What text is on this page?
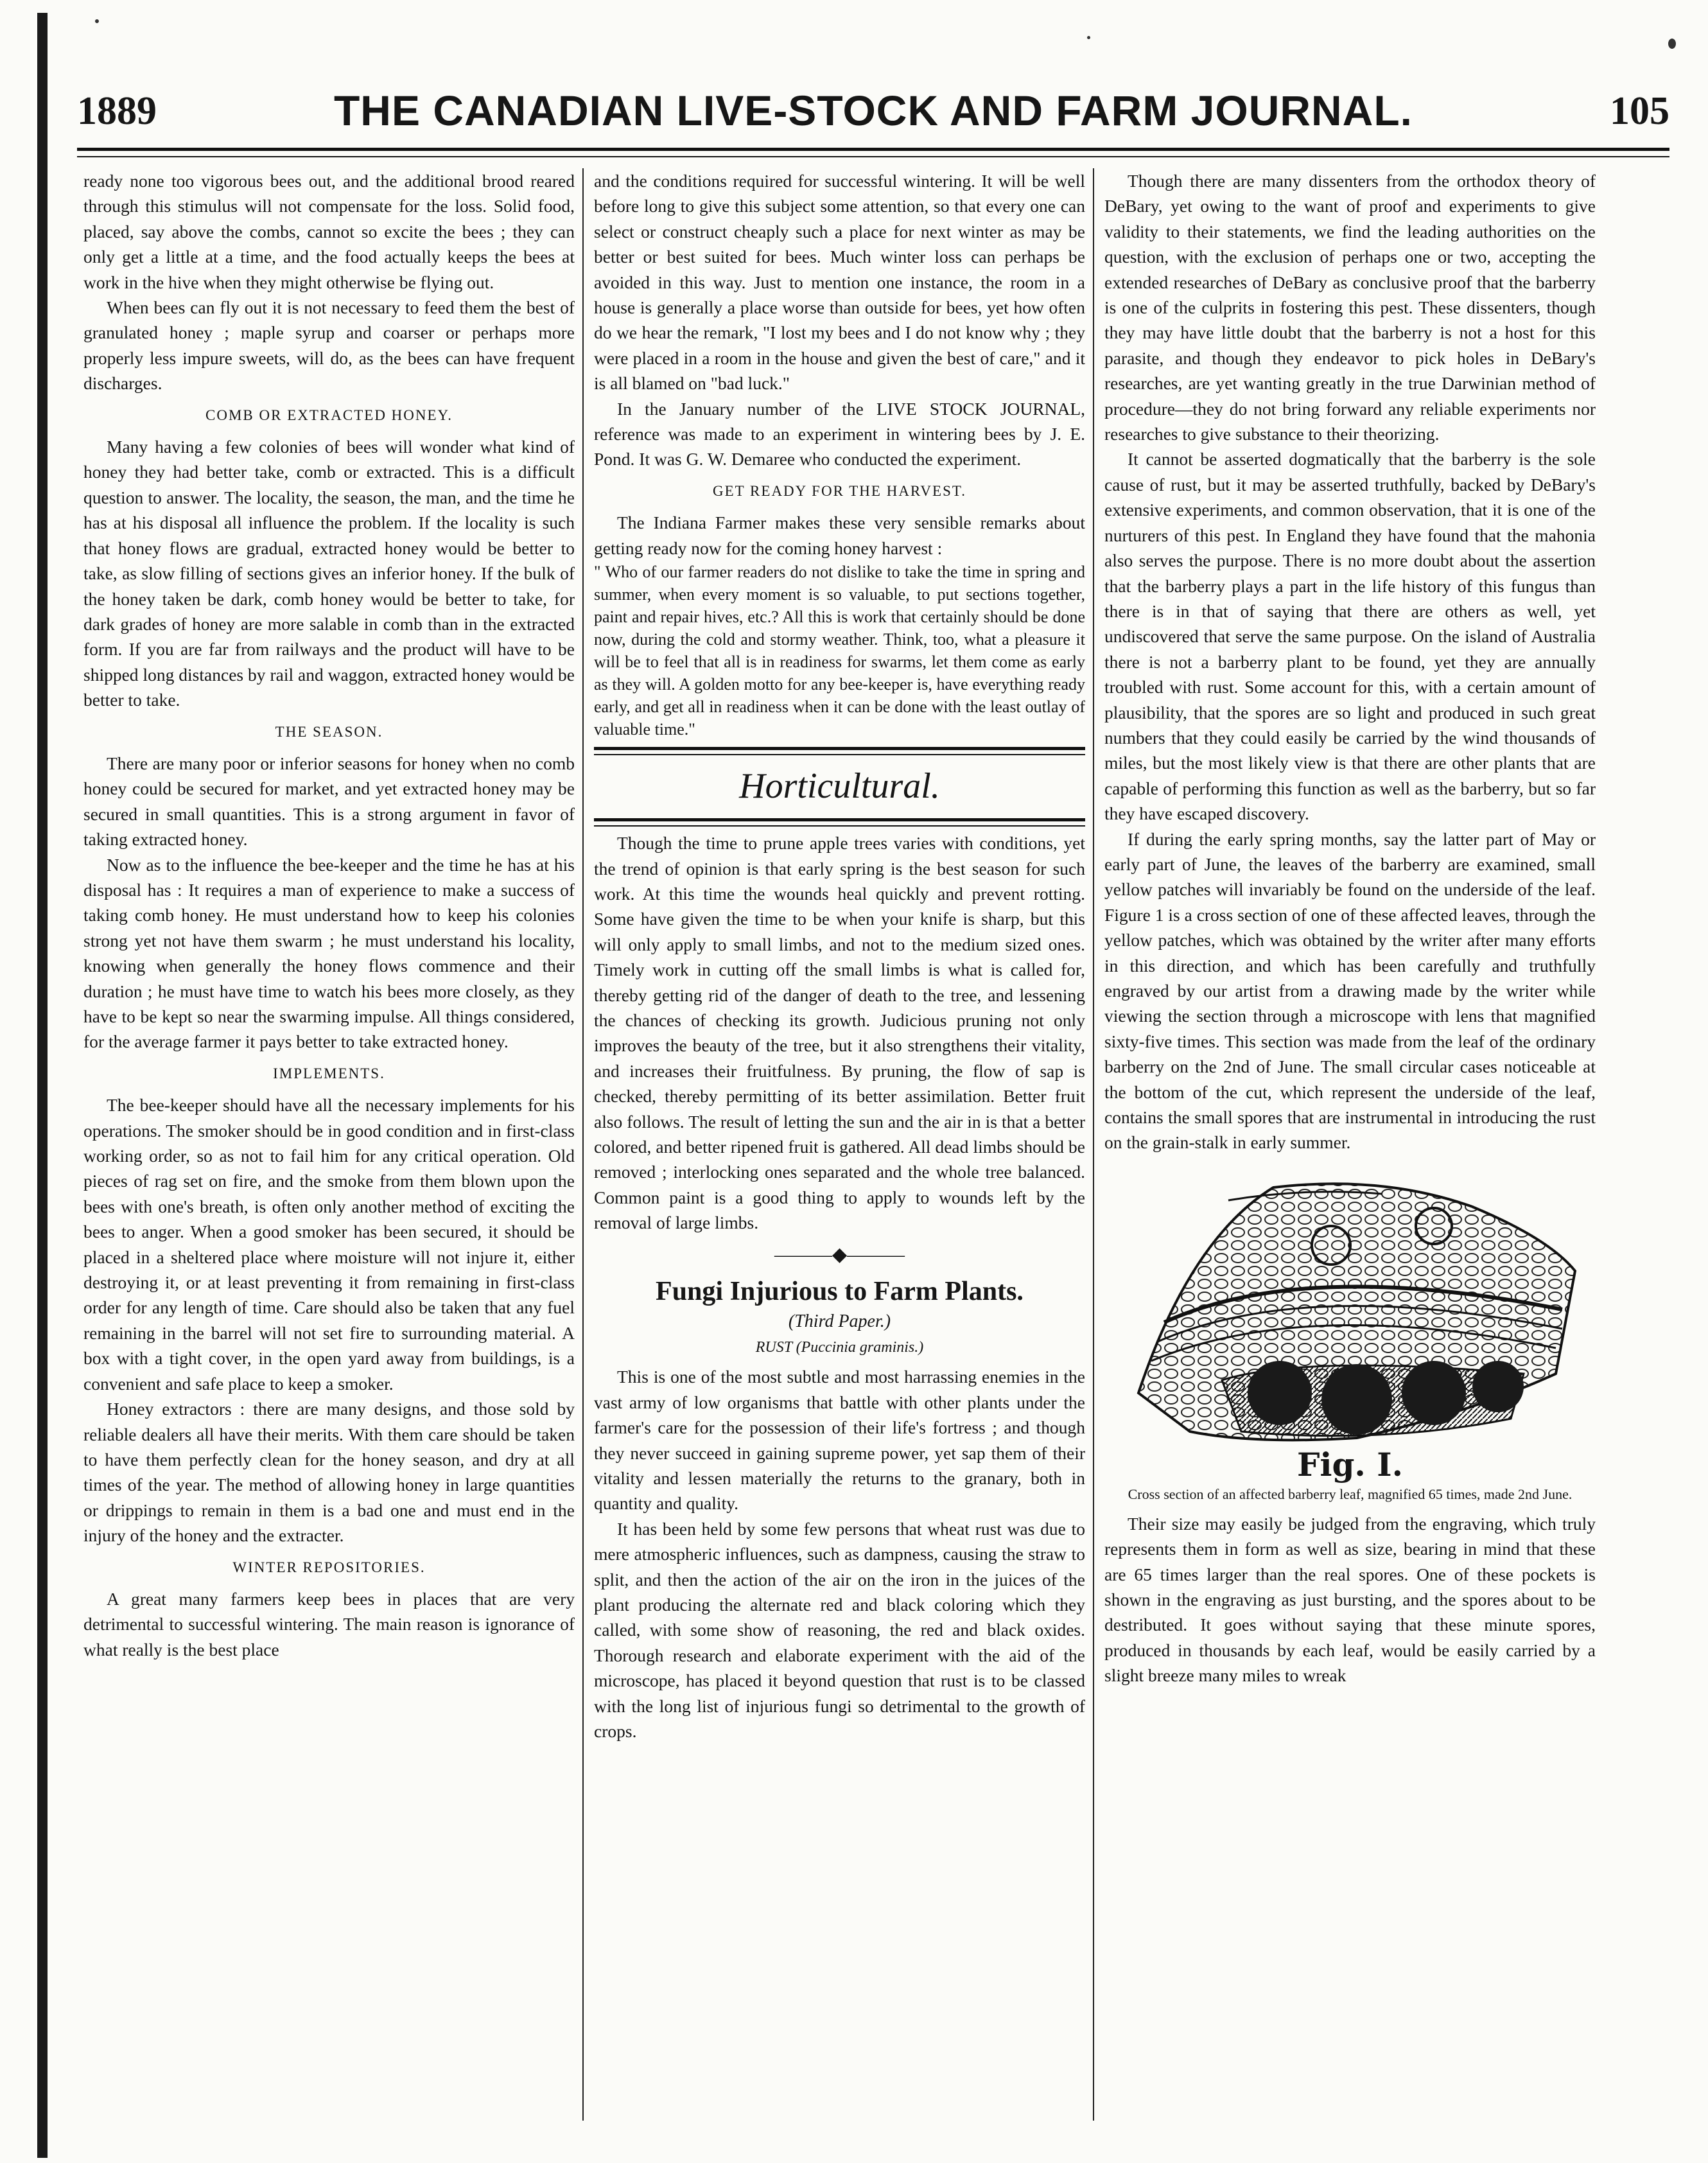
1889	THE CANADIAN LIVE-STOCK AND FARM JOURNAL.	105

ready none too vigorous bees out, and the additional brood reared through this stimulus will not compensate for the loss. Solid food, placed, say above the combs, cannot so excite the bees ; they can only get a little at a time, and the food actually keeps the bees at work in the hive when they might otherwise be flying out.

When bees can fly out it is not necessary to feed them the best of granulated honey ; maple syrup and coarser or perhaps more properly less impure sweets, will do, as the bees can have frequent discharges.

COMB OR EXTRACTED HONEY.

Many having a few colonies of bees will wonder what kind of honey they had better take, comb or extracted. This is a difficult question to answer. The locality, the season, the man, and the time he has at his disposal all influence the problem. If the locality is such that honey flows are gradual, extracted honey would be better to take, as slow filling of sections gives an inferior honey. If the bulk of the honey taken be dark, comb honey would be better to take, for dark grades of honey are more salable in comb than in the extracted form. If you are far from railways and the product will have to be shipped long distances by rail and waggon, extracted honey would be better to take.

THE SEASON.

There are many poor or inferior seasons for honey when no comb honey could be secured for market, and yet extracted honey may be secured in small quantities. This is a strong argument in favor of taking extracted honey.

Now as to the influence the bee-keeper and the time he has at his disposal has : It requires a man of experience to make a success of taking comb honey. He must understand how to keep his colonies strong yet not have them swarm ; he must understand his locality, knowing when generally the honey flows commence and their duration ; he must have time to watch his bees more closely, as they have to be kept so near the swarming impulse. All things considered, for the average farmer it pays better to take extracted honey.

IMPLEMENTS.

The bee-keeper should have all the necessary implements for his operations. The smoker should be in good condition and in first-class working order, so as not to fail him for any critical operation. Old pieces of rag set on fire, and the smoke from them blown upon the bees with one's breath, is often only another method of exciting the bees to anger. When a good smoker has been secured, it should be placed in a sheltered place where moisture will not injure it, either destroying it, or at least preventing it from remaining in first-class order for any length of time. Care should also be taken that any fuel remaining in the barrel will not set fire to surrounding material. A box with a tight cover, in the open yard away from buildings, is a convenient and safe place to keep a smoker.

Honey extractors : there are many designs, and those sold by reliable dealers all have their merits. With them care should be taken to have them perfectly clean for the honey season, and dry at all times of the year. The method of allowing honey in large quantities or drippings to remain in them is a bad one and must end in the injury of the honey and the extracter.

WINTER REPOSITORIES.

A great many farmers keep bees in places that are very detrimental to successful wintering. The main reason is ignorance of what really is the best place

and the conditions required for successful wintering. It will be well before long to give this subject some attention, so that every one can select or construct cheaply such a place for next winter as may be better or best suited for bees. Much winter loss can perhaps be avoided in this way. Just to mention one instance, the room in a house is generally a place worse than outside for bees, yet how often do we hear the remark, "I lost my bees and I do not know why ; they were placed in a room in the house and given the best of care," and it is all blamed on "bad luck."

In the January number of the LIVE STOCK JOURNAL, reference was made to an experiment in wintering bees by J. E. Pond. It was G. W. Demaree who conducted the experiment.

GET READY FOR THE HARVEST.

The Indiana Farmer makes these very sensible remarks about getting ready now for the coming honey harvest :

" Who of our farmer readers do not dislike to take the time in spring and summer, when every moment is so valuable, to put sections together, paint and repair hives, etc.? All this is work that certainly should be done now, during the cold and stormy weather. Think, too, what a pleasure it will be to feel that all is in readiness for swarms, let them come as early as they will. A golden motto for any bee-keeper is, have everything ready early, and get all in readiness when it can be done with the least outlay of valuable time."

Horticultural.

Though the time to prune apple trees varies with conditions, yet the trend of opinion is that early spring is the best season for such work. At this time the wounds heal quickly and prevent rotting. Some have given the time to be when your knife is sharp, but this will only apply to small limbs, and not to the medium sized ones. Timely work in cutting off the small limbs is what is called for, thereby getting rid of the danger of death to the tree, and lessening the chances of checking its growth. Judicious pruning not only improves the beauty of the tree, but it also strengthens their vitality, and increases their fruitfulness. By pruning, the flow of sap is checked, thereby permitting of its better assimilation. Better fruit also follows. The result of letting the sun and the air in is that a better colored, and better ripened fruit is gathered. All dead limbs should be removed ; interlocking ones separated and the whole tree balanced. Common paint is a good thing to apply to wounds left by the removal of large limbs.

———◆———
Fungi Injurious to Farm Plants.
(Third Paper.)
RUST (Puccinia graminis.)

This is one of the most subtle and most harrassing enemies in the vast army of low organisms that battle with other plants under the farmer's care for the possession of their life's fortress ; and though they never succeed in gaining supreme power, yet sap them of their vitality and lessen materially the returns to the granary, both in quantity and quality.

It has been held by some few persons that wheat rust was due to mere atmospheric influences, such as dampness, causing the straw to split, and then the action of the air on the iron in the juices of the plant producing the alternate red and black coloring which they called, with some show of reasoning, the red and black oxides. Thorough research and elaborate experiment with the aid of the microscope, has placed it beyond question that rust is to be classed with the long list of injurious fungi so detrimental to the growth of crops.

Though there are many dissenters from the orthodox theory of DeBary, yet owing to the want of proof and experiments to give validity to their statements, we find the leading authorities on the question, with the exclusion of perhaps one or two, accepting the extended researches of DeBary as conclusive proof that the barberry is one of the culprits in fostering this pest. These dissenters, though they may have little doubt that the barberry is not a host for this parasite, and though they endeavor to pick holes in DeBary's researches, are yet wanting greatly in the true Darwinian method of procedure—they do not bring forward any reliable experiments nor researches to give substance to their theorizing.

It cannot be asserted dogmatically that the barberry is the sole cause of rust, but it may be asserted truthfully, backed by DeBary's extensive experiments, and common observation, that it is one of the nurturers of this pest. In England they have found that the mahonia also serves the purpose. There is no more doubt about the assertion that the barberry plays a part in the life history of this fungus than there is in that of saying that there are others as well, yet undiscovered that serve the same purpose. On the island of Australia there is not a barberry plant to be found, yet they are annually troubled with rust. Some account for this, with a certain amount of plausibility, that the spores are so light and produced in such great numbers that they could easily be carried by the wind thousands of miles, but the most likely view is that there are other plants that are capable of performing this function as well as the barberry, but so far they have escaped discovery.

If during the early spring months, say the latter part of May or early part of June, the leaves of the barberry are examined, small yellow patches will invariably be found on the underside of the leaf. Figure 1 is a cross section of one of these affected leaves, through the yellow patches, which was obtained by the writer after many efforts in this direction, and which has been carefully and truthfully engraved by our artist from a drawing made by the writer while viewing the section through a microscope with lens that magnified sixty-five times. This section was made from the leaf of the ordinary barberry on the 2nd of June. The small circular cases noticeable at the bottom of the cut, which represent the underside of the leaf, contains the small spores that are instrumental in introducing the rust on the grain-stalk in early summer.

Fig. I.
Cross section of an affected barberry leaf, magnified 65 times, made 2nd June.

Their size may easily be judged from the engraving, which truly represents them in form as well as size, bearing in mind that these are 65 times larger than the real spores. One of these pockets is shown in the engraving as just bursting, and the spores about to be destributed. It goes without saying that these minute spores, produced in thousands by each leaf, would be easily carried by a slight breeze many miles to wreak
